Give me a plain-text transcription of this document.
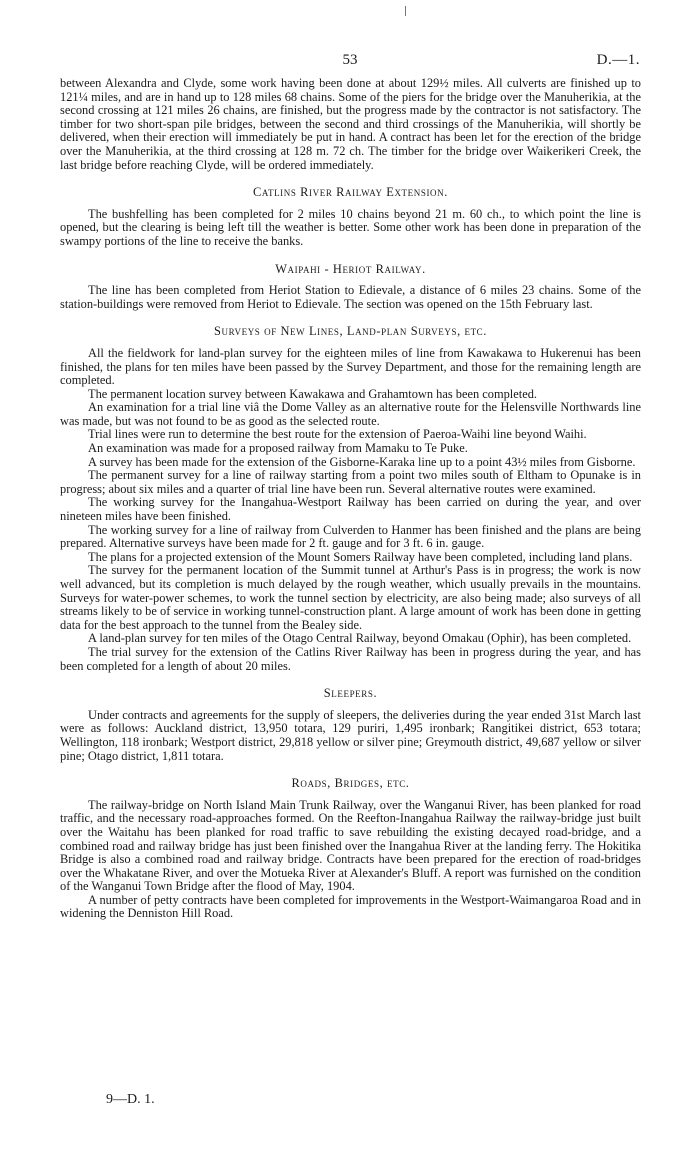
53	D.—1.

between Alexandra and Clyde, some work having been done at about 129½ miles. All culverts are finished up to 121¼ miles, and are in hand up to 128 miles 68 chains. Some of the piers for the bridge over the Manuherikia, at the second crossing at 121 miles 26 chains, are finished, but the progress made by the contractor is not satisfactory. The timber for two short-span pile bridges, between the second and third crossings of the Manuherikia, will shortly be delivered, when their erection will immediately be put in hand. A contract has been let for the erection of the bridge over the Manuherikia, at the third crossing at 128 m. 72 ch. The timber for the bridge over Waikerikeri Creek, the last bridge before reaching Clyde, will be ordered immediately.

Catlins River Railway Extension.

The bushfelling has been completed for 2 miles 10 chains beyond 21 m. 60 ch., to which point the line is opened, but the clearing is being left till the weather is better. Some other work has been done in preparation of the swampy portions of the line to receive the banks.

Waipahi - Heriot Railway.

The line has been completed from Heriot Station to Edievale, a distance of 6 miles 23 chains. Some of the station-buildings were removed from Heriot to Edievale. The section was opened on the 15th February last.

Surveys of New Lines, Land-plan Surveys, etc.

All the fieldwork for land-plan survey for the eighteen miles of line from Kawakawa to Hukerenui has been finished, the plans for ten miles have been passed by the Survey Department, and those for the remaining length are completed.

The permanent location survey between Kawakawa and Grahamtown has been completed.

An examination for a trial line viâ the Dome Valley as an alternative route for the Helensville Northwards line was made, but was not found to be as good as the selected route.

Trial lines were run to determine the best route for the extension of Paeroa-Waihi line beyond Waihi.

An examination was made for a proposed railway from Mamaku to Te Puke.

A survey has been made for the extension of the Gisborne-Karaka line up to a point 43½ miles from Gisborne.

The permanent survey for a line of railway starting from a point two miles south of Eltham to Opunake is in progress; about six miles and a quarter of trial line have been run. Several alternative routes were examined.

The working survey for the Inangahua-Westport Railway has been carried on during the year, and over nineteen miles have been finished.

The working survey for a line of railway from Culverden to Hanmer has been finished and the plans are being prepared. Alternative surveys have been made for 2 ft. gauge and for 3 ft. 6 in. gauge.

The plans for a projected extension of the Mount Somers Railway have been completed, including land plans.

The survey for the permanent location of the Summit tunnel at Arthur's Pass is in progress; the work is now well advanced, but its completion is much delayed by the rough weather, which usually prevails in the mountains. Surveys for water-power schemes, to work the tunnel section by electricity, are also being made; also surveys of all streams likely to be of service in working tunnel-construction plant. A large amount of work has been done in getting data for the best approach to the tunnel from the Bealey side.

A land-plan survey for ten miles of the Otago Central Railway, beyond Omakau (Ophir), has been completed.

The trial survey for the extension of the Catlins River Railway has been in progress during the year, and has been completed for a length of about 20 miles.

Sleepers.

Under contracts and agreements for the supply of sleepers, the deliveries during the year ended 31st March last were as follows: Auckland district, 13,950 totara, 129 puriri, 1,495 ironbark; Rangitikei district, 653 totara; Wellington, 118 ironbark; Westport district, 29,818 yellow or silver pine; Greymouth district, 49,687 yellow or silver pine; Otago district, 1,811 totara.

Roads, Bridges, etc.

The railway-bridge on North Island Main Trunk Railway, over the Wanganui River, has been planked for road traffic, and the necessary road-approaches formed. On the Reefton-Inangahua Railway the railway-bridge just built over the Waitahu has been planked for road traffic to save rebuilding the existing decayed road-bridge, and a combined road and railway bridge has just been finished over the Inangahua River at the landing ferry. The Hokitika Bridge is also a combined road and railway bridge. Contracts have been prepared for the erection of road-bridges over the Whakatane River, and over the Motueka River at Alexander's Bluff. A report was furnished on the condition of the Wanganui Town Bridge after the flood of May, 1904.

A number of petty contracts have been completed for improvements in the Westport-Waimangaroa Road and in widening the Denniston Hill Road.

9—D. 1.
